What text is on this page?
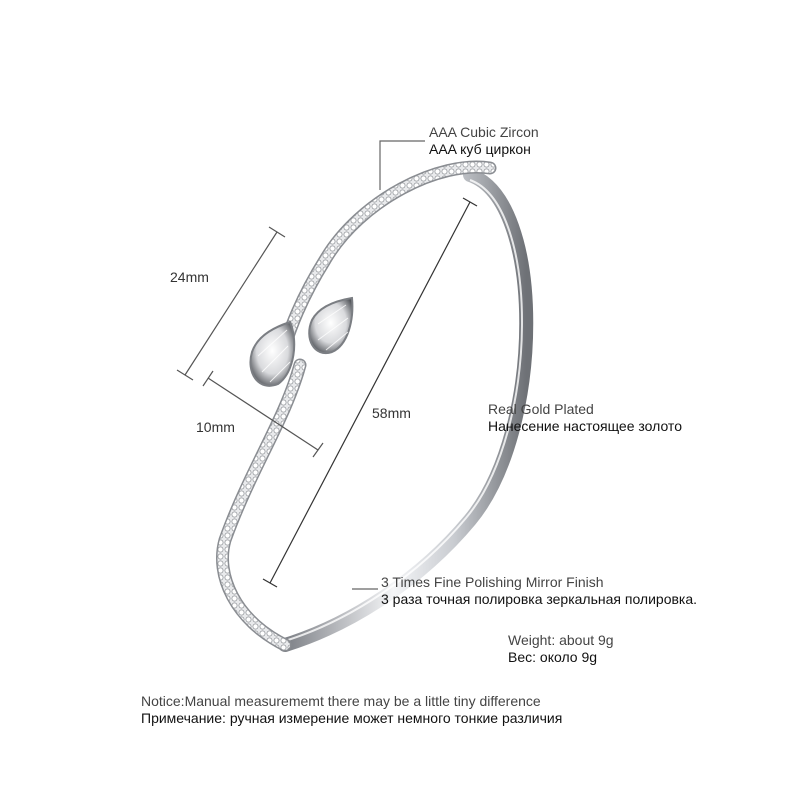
AAA Cubic Zircon
AAA куб циркон
Real Gold Plated
Нанесение настоящее золото
3 Times Fine Polishing Mirror Finish
3 раза точная полировка зеркальная полировка.
Weight: about 9g
Вес: около 9g
24mm
10mm
58mm
Notice:Manual measurememt there may be a little tiny difference
Примечание: ручная измерение может немного тонкие различия
